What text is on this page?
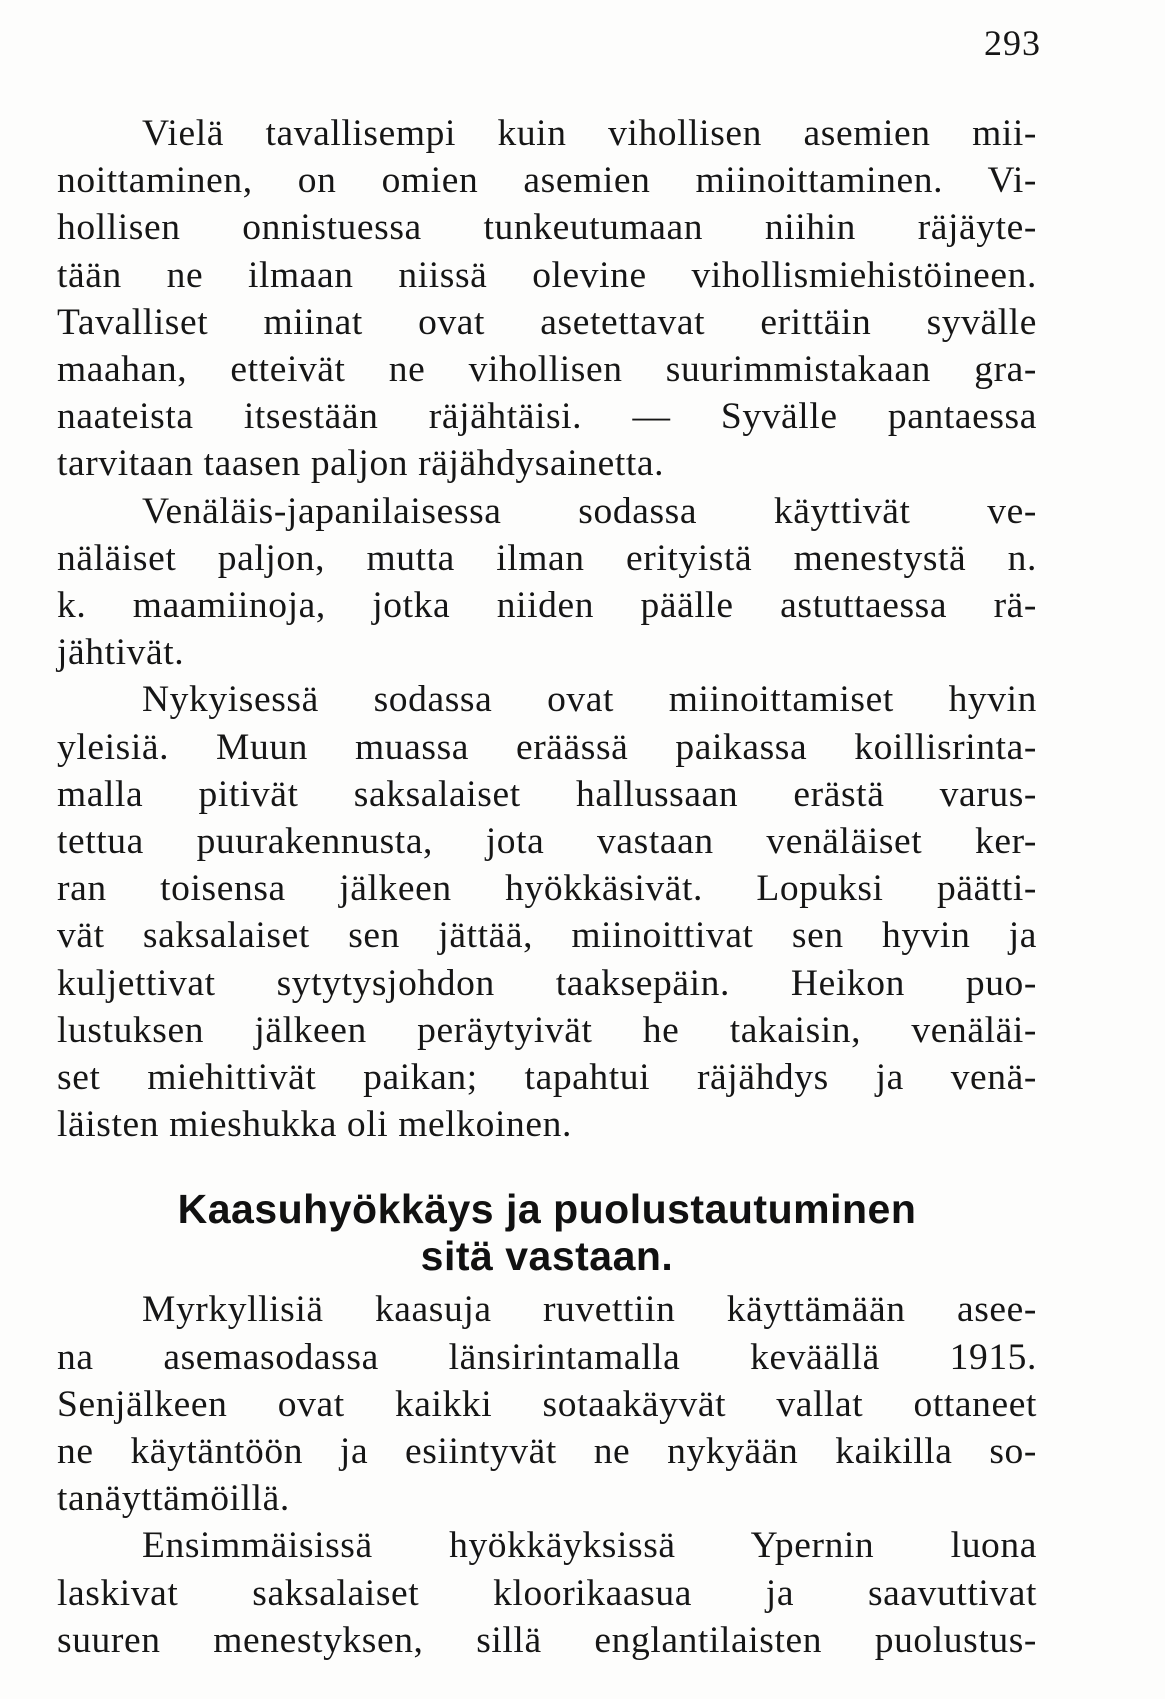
293
Vielä tavallisempi kuin vihollisen asemien mii-
noittaminen, on omien asemien miinoittaminen. Vi-
hollisen onnistuessa tunkeutumaan niihin räjäyte-
tään ne ilmaan niissä olevine vihollismiehistöineen.
Tavalliset miinat ovat asetettavat erittäin syvälle
maahan, etteivät ne vihollisen suurimmistakaan gra-
naateista itsestään räjähtäisi. — Syvälle pantaessa
tarvitaan taasen paljon räjähdysainetta.
Venäläis-japanilaisessa sodassa käyttivät ve-
näläiset paljon, mutta ilman erityistä menestystä n.
k. maamiinoja, jotka niiden päälle astuttaessa rä-
jähtivät.
Nykyisessä sodassa ovat miinoittamiset hyvin
yleisiä. Muun muassa eräässä paikassa koillisrinta-
malla pitivät saksalaiset hallussaan erästä varus-
tettua puurakennusta, jota vastaan venäläiset ker-
ran toisensa jälkeen hyökkäsivät. Lopuksi päätti-
vät saksalaiset sen jättää, miinoittivat sen hyvin ja
kuljettivat sytytysjohdon taaksepäin. Heikon puo-
lustuksen jälkeen peräytyivät he takaisin, venäläi-
set miehittivät paikan; tapahtui räjähdys ja venä-
läisten mieshukka oli melkoinen.
Kaasuhyökkäys ja puolustautuminen
sitä vastaan.
Myrkyllisiä kaasuja ruvettiin käyttämään asee-
na asemasodassa länsirintamalla keväällä 1915.
Senjälkeen ovat kaikki sotaakäyvät vallat ottaneet
ne käytäntöön ja esiintyvät ne nykyään kaikilla so-
tanäyttämöillä.
Ensimmäisissä hyökkäyksissä Ypernin luona
laskivat saksalaiset kloorikaasua ja saavuttivat
suuren menestyksen, sillä englantilaisten puolustus-
